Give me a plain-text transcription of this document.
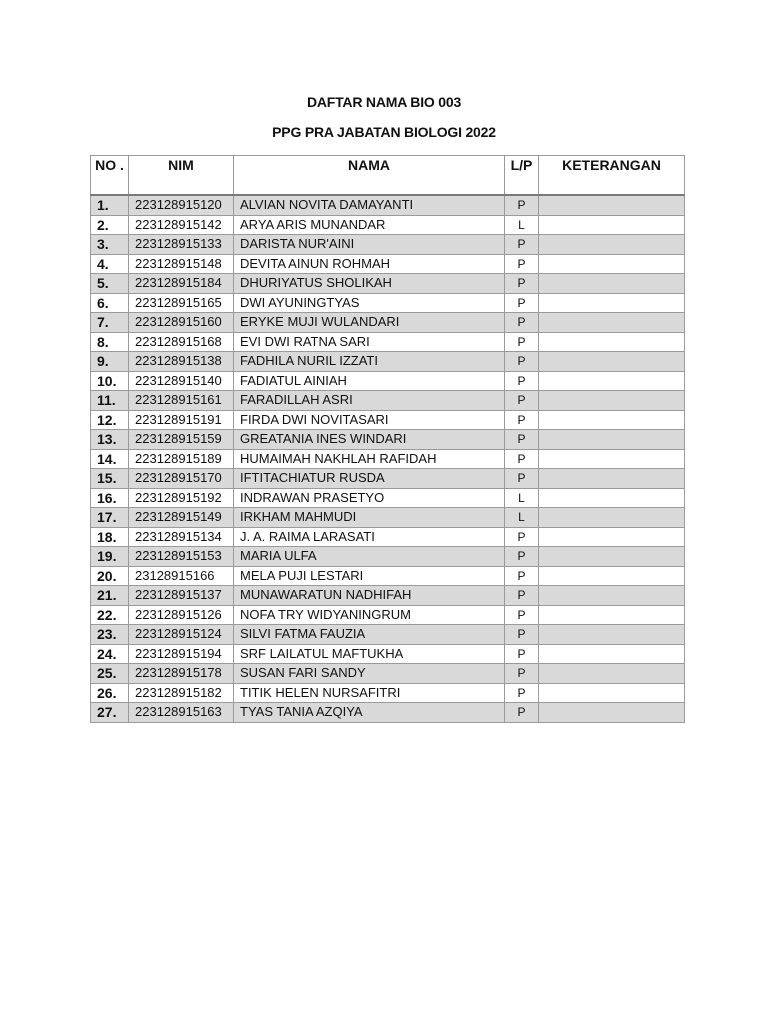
DAFTAR NAMA BIO 003
PPG PRA JABATAN BIOLOGI 2022
NO .	NIM	NAMA	L/P	KETERANGAN
1.	223128915120	ALVIAN NOVITA DAMAYANTI	P	
2.	223128915142	ARYA ARIS MUNANDAR	L	
3.	223128915133	DARISTA NUR'AINI	P	
4.	223128915148	DEVITA AINUN ROHMAH	P	
5.	223128915184	DHURIYATUS SHOLIKAH	P	
6.	223128915165	DWI AYUNINGTYAS	P	
7.	223128915160	ERYKE MUJI WULANDARI	P	
8.	223128915168	EVI DWI RATNA SARI	P	
9.	223128915138	FADHILA NURIL IZZATI	P	
10.	223128915140	FADIATUL AINIAH	P	
11.	223128915161	FARADILLAH ASRI	P	
12.	223128915191	FIRDA DWI NOVITASARI	P	
13.	223128915159	GREATANIA INES WINDARI	P	
14.	223128915189	HUMAIMAH NAKHLAH RAFIDAH	P	
15.	223128915170	IFTITACHIATUR RUSDA	P	
16.	223128915192	INDRAWAN PRASETYO	L	
17.	223128915149	IRKHAM MAHMUDI	L	
18.	223128915134	J. A. RAIMA LARASATI	P	
19.	223128915153	MARIA ULFA	P	
20.	23128915166	MELA PUJI LESTARI	P	
21.	223128915137	MUNAWARATUN NADHIFAH	P	
22.	223128915126	NOFA TRY WIDYANINGRUM	P	
23.	223128915124	SILVI FATMA FAUZIA	P	
24.	223128915194	SRF LAILATUL MAFTUKHA	P	
25.	223128915178	SUSAN FARI SANDY	P	
26.	223128915182	TITIK HELEN NURSAFITRI	P	
27.	223128915163	TYAS TANIA AZQIYA	P	
